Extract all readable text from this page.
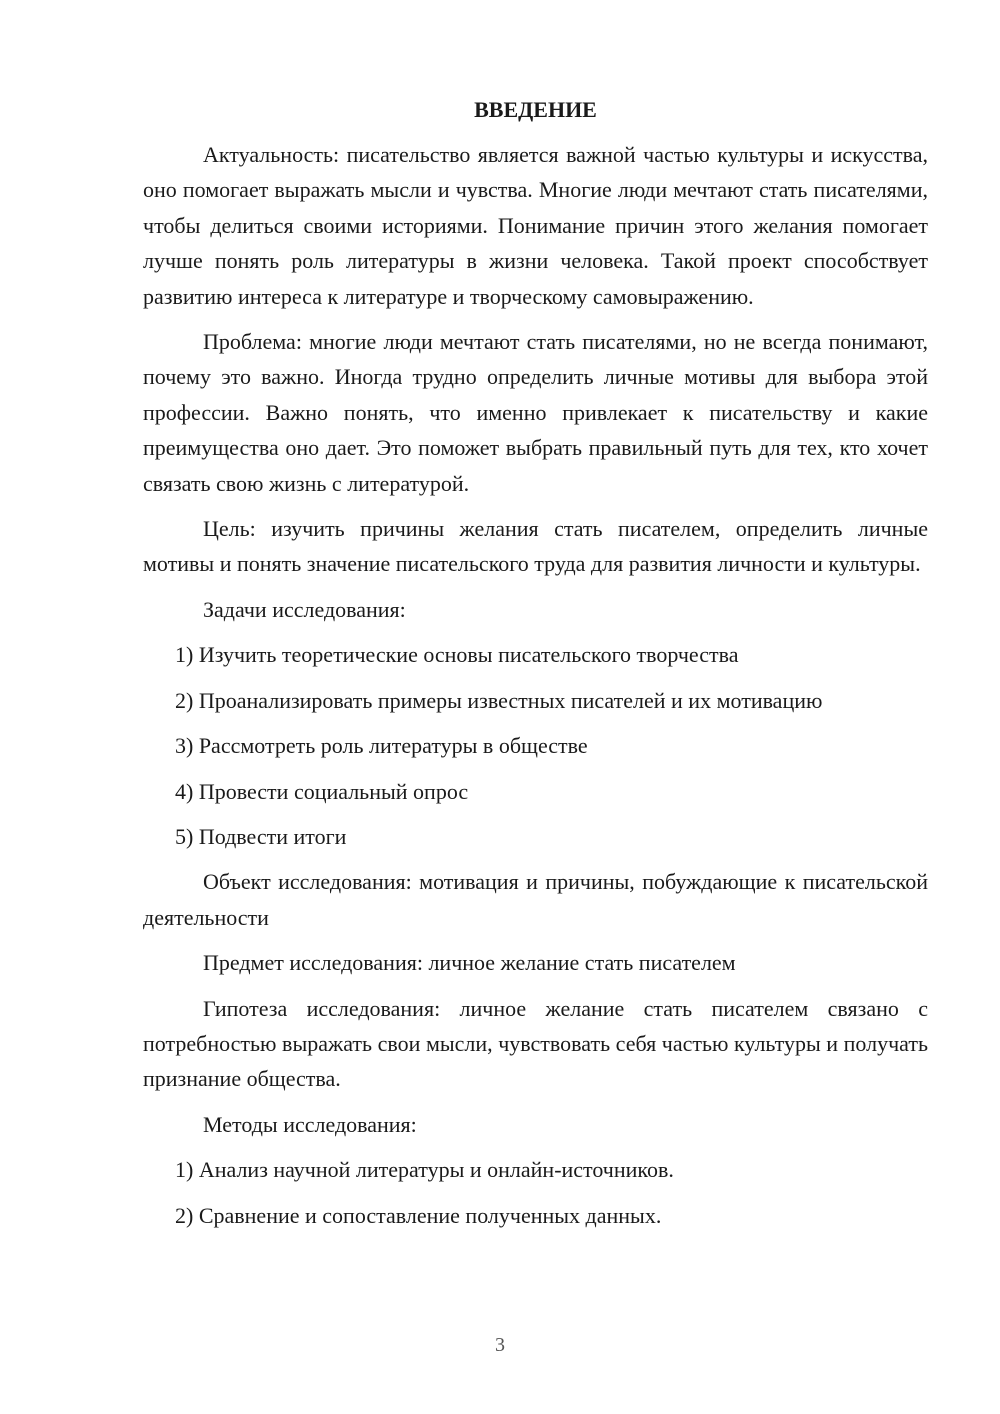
ВВЕДЕНИЕ

Актуальность: писательство является важной частью культуры и искусства, оно помогает выражать мысли и чувства. Многие люди мечтают стать писателями, чтобы делиться своими историями. Понимание причин этого желания помогает лучше понять роль литературы в жизни человека. Такой проект способствует развитию интереса к литературе и творческому самовыражению.

Проблема: многие люди мечтают стать писателями, но не всегда понимают, почему это важно. Иногда трудно определить личные мотивы для выбора этой профессии. Важно понять, что именно привлекает к писательству и какие преимущества оно дает. Это поможет выбрать правильный путь для тех, кто хочет связать свою жизнь с литературой.

Цель: изучить причины желания стать писателем, определить личные мотивы и понять значение писательского труда для развития личности и культуры.

Задачи исследования:

1) Изучить теоретические основы писательского творчества
2) Проанализировать примеры известных писателей и их мотивацию
3) Рассмотреть роль литературы в обществе
4) Провести социальный опрос
5) Подвести итоги

Объект исследования: мотивация и причины, побуждающие к писательской деятельности

Предмет исследования: личное желание стать писателем

Гипотеза исследования: личное желание стать писателем связано с потребностью выражать свои мысли, чувствовать себя частью культуры и получать признание общества.

Методы исследования:

1) Анализ научной литературы и онлайн-источников.
2) Сравнение и сопоставление полученных данных.
3
